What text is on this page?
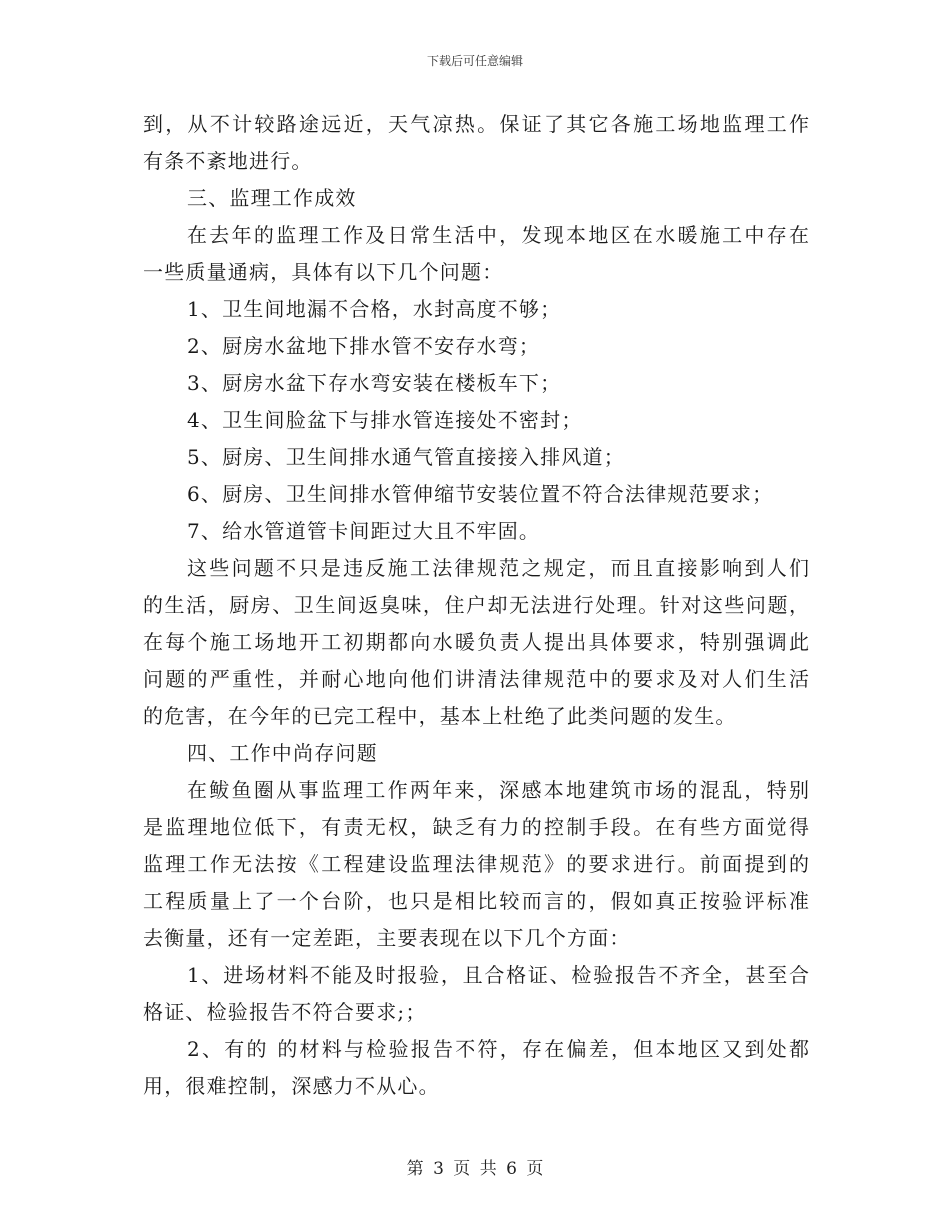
下载后可任意编辑
到，从不计较路途远近，天气凉热。保证了其它各施工场地监理工作
有条不紊地进行。
三、监理工作成效
在去年的监理工作及日常生活中，发现本地区在水暖施工中存在
一些质量通病，具体有以下几个问题：
1、卫生间地漏不合格，水封高度不够；
2、厨房水盆地下排水管不安存水弯；
3、厨房水盆下存水弯安装在楼板车下；
4、卫生间脸盆下与排水管连接处不密封；
5、厨房、卫生间排水通气管直接接入排风道；
6、厨房、卫生间排水管伸缩节安装位置不符合法律规范要求；
7、给水管道管卡间距过大且不牢固。
这些问题不只是违反施工法律规范之规定，而且直接影响到人们
的生活，厨房、卫生间返臭味，住户却无法进行处理。针对这些问题，
在每个施工场地开工初期都向水暖负责人提出具体要求，特别强调此
问题的严重性，并耐心地向他们讲清法律规范中的要求及对人们生活
的危害，在今年的已完工程中，基本上杜绝了此类问题的发生。
四、工作中尚存问题
在鲅鱼圈从事监理工作两年来，深感本地建筑市场的混乱，特别
是监理地位低下，有责无权，缺乏有力的控制手段。在有些方面觉得
监理工作无法按《工程建设监理法律规范》的要求进行。前面提到的
工程质量上了一个台阶，也只是相比较而言的，假如真正按验评标准
去衡量，还有一定差距，主要表现在以下几个方面：
1、进场材料不能及时报验，且合格证、检验报告不齐全，甚至合
格证、检验报告不符合要求;；
2、有的 的材料与检验报告不符，存在偏差，但本地区又到处都
用，很难控制，深感力不从心。
第 3 页 共 6 页
